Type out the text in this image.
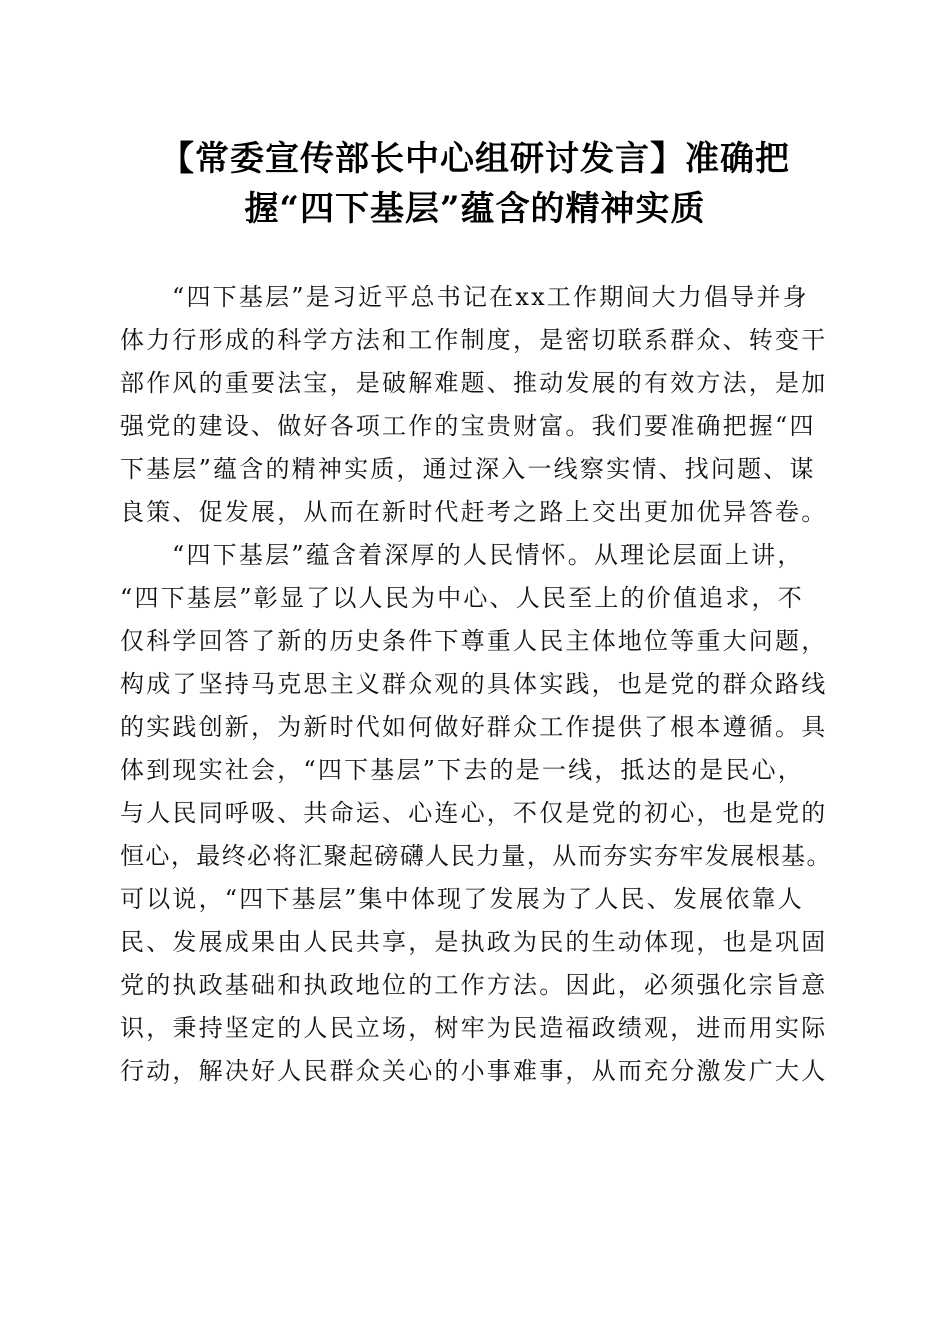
【常委宣传部长中心组研讨发言】准确把
握“四下基层”蕴含的精神实质
“四下基层”是习近平总书记在xx工作期间大力倡导并身
体力行形成的科学方法和工作制度，是密切联系群众、转变干
部作风的重要法宝，是破解难题、推动发展的有效方法，是加
强党的建设、做好各项工作的宝贵财富。我们要准确把握“四
下基层”蕴含的精神实质，通过深入一线察实情、找问题、谋
良策、促发展，从而在新时代赶考之路上交出更加优异答卷。
“四下基层”蕴含着深厚的人民情怀。从理论层面上讲，
“四下基层”彰显了以人民为中心、人民至上的价值追求，不
仅科学回答了新的历史条件下尊重人民主体地位等重大问题，
构成了坚持马克思主义群众观的具体实践，也是党的群众路线
的实践创新，为新时代如何做好群众工作提供了根本遵循。具
体到现实社会，“四下基层”下去的是一线，抵达的是民心，
与人民同呼吸、共命运、心连心，不仅是党的初心，也是党的
恒心，最终必将汇聚起磅礴人民力量，从而夯实夯牢发展根基。
可以说，“四下基层”集中体现了发展为了人民、发展依靠人
民、发展成果由人民共享，是执政为民的生动体现，也是巩固
党的执政基础和执政地位的工作方法。因此，必须强化宗旨意
识，秉持坚定的人民立场，树牢为民造福政绩观，进而用实际
行动，解决好人民群众关心的小事难事，从而充分激发广大人
